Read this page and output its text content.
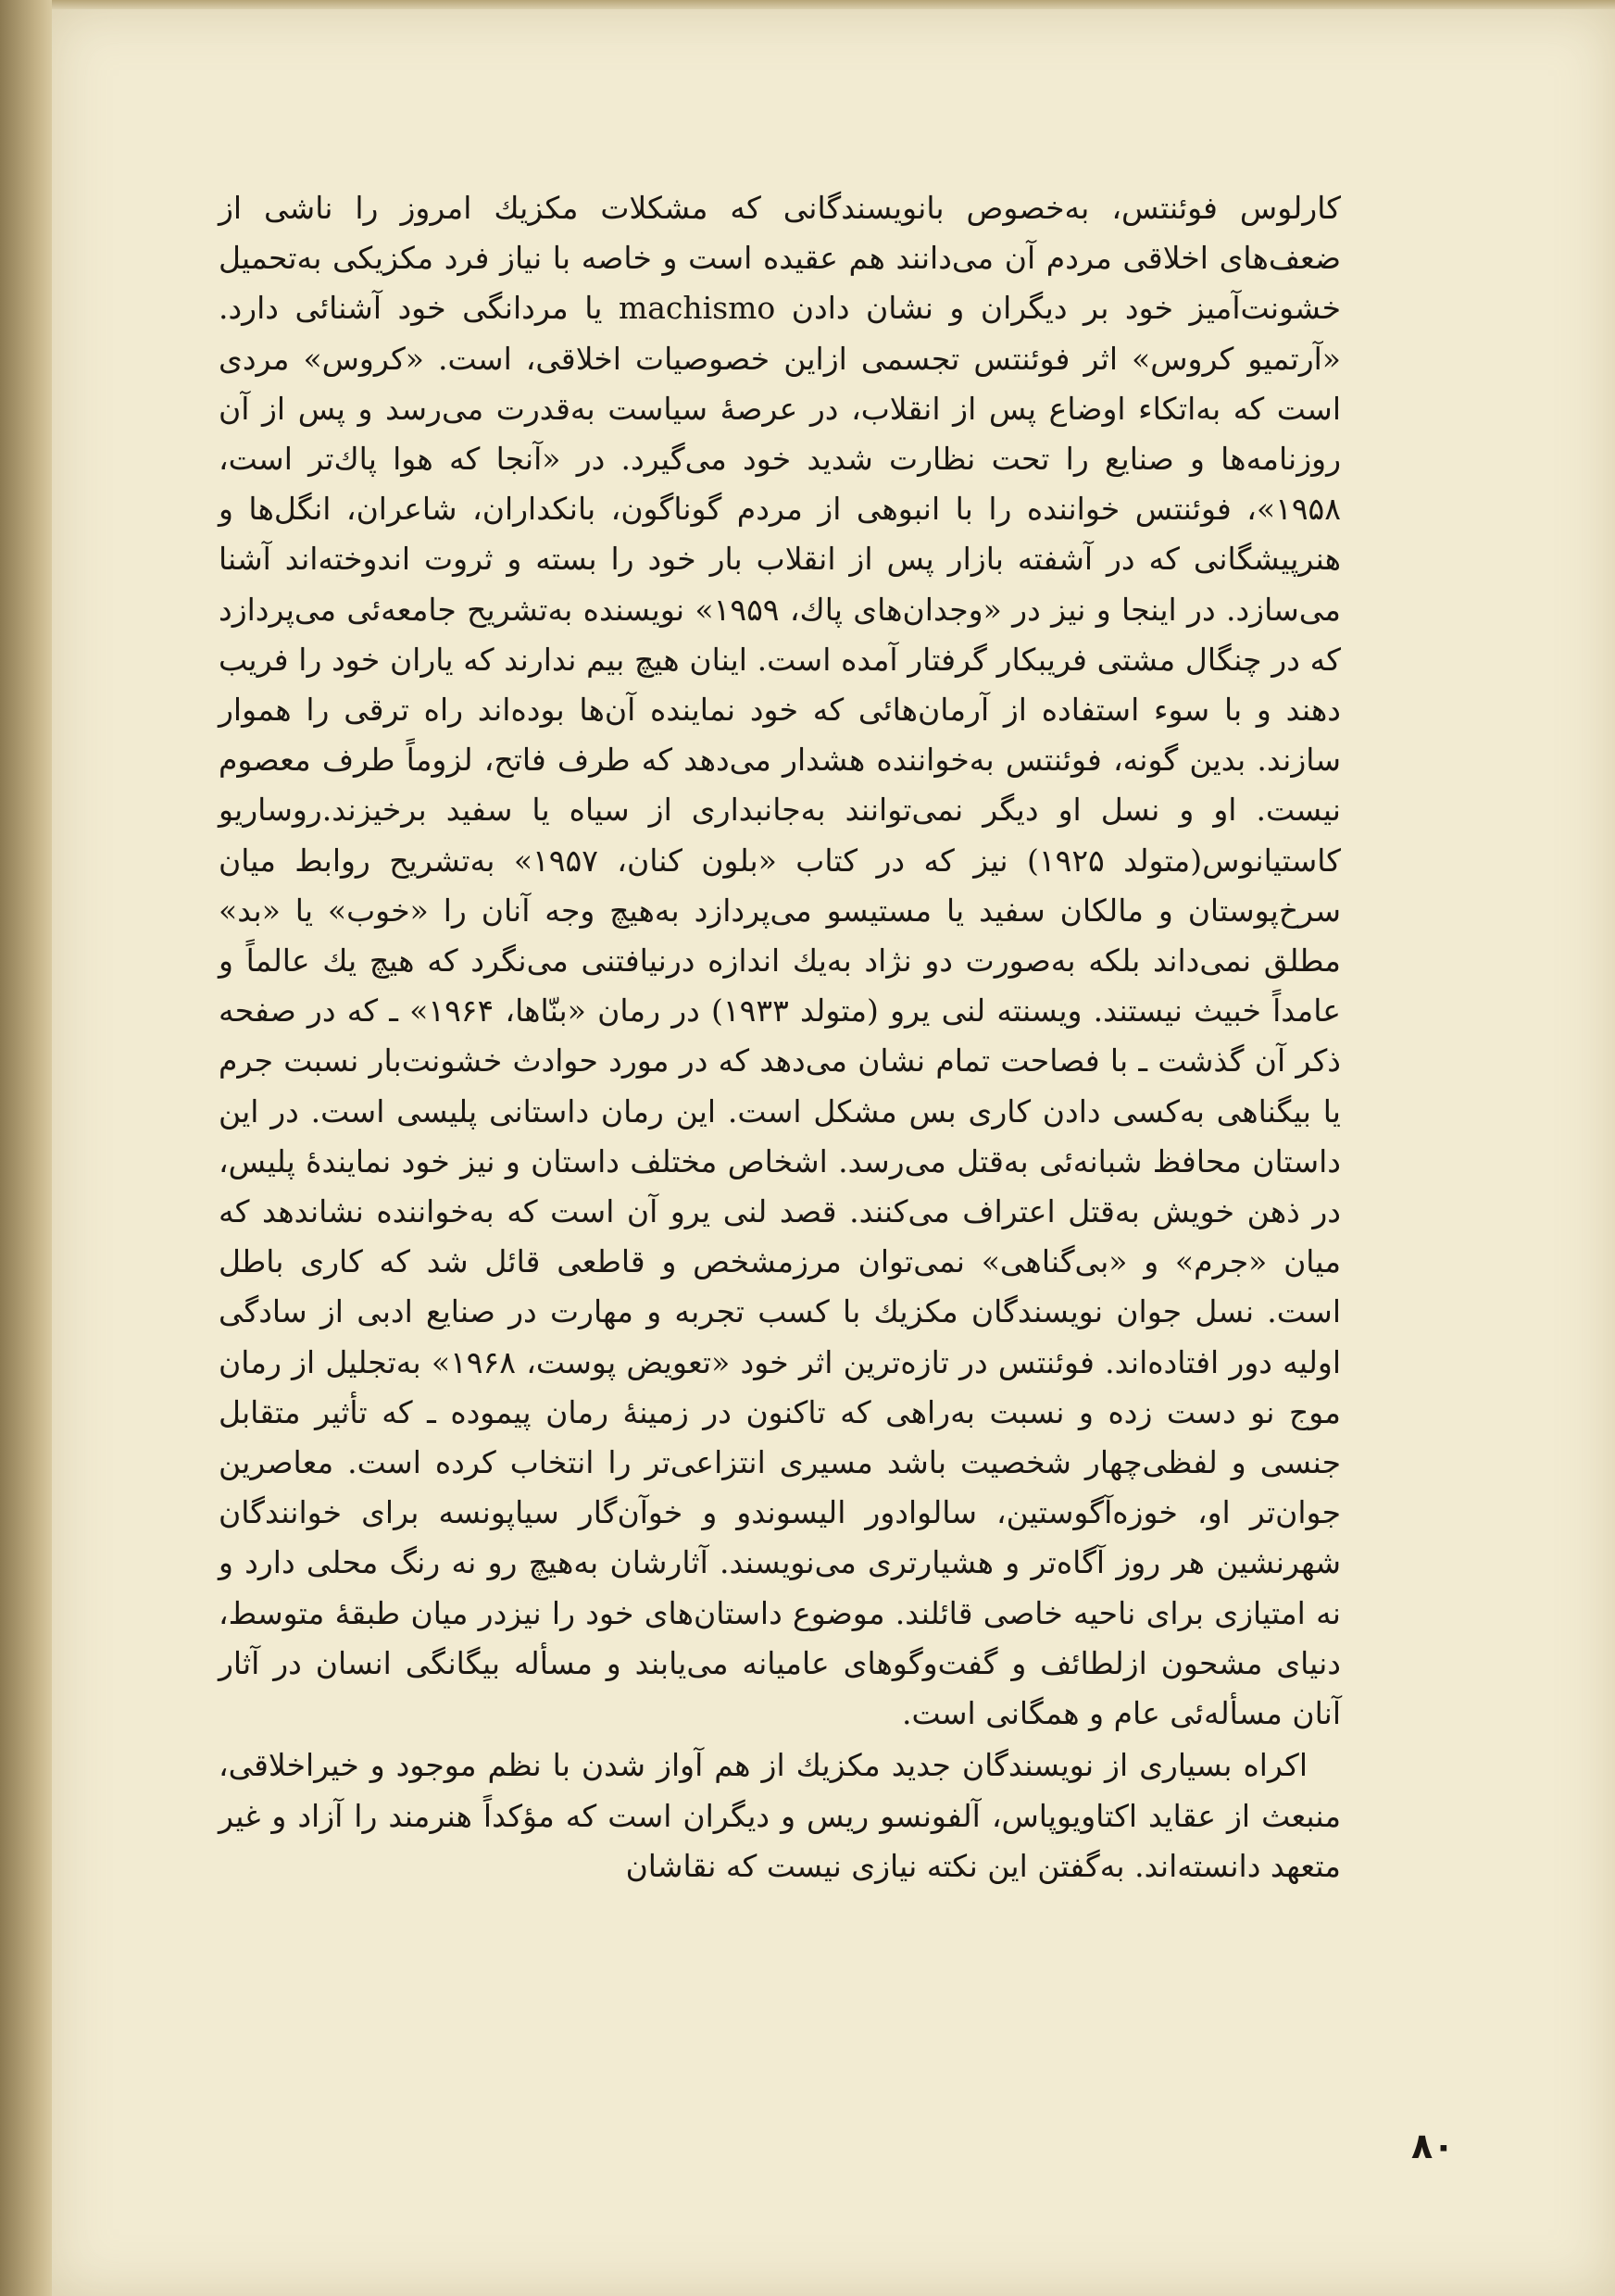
کارلوس فوئنتس، به‌خصوص بانویسندگانی که مشکلات مکزیك امروز را ناشی از ضعف‌های اخلاقی مردم آن می‌دانند هم عقیده است و خاصه با نیاز فرد مکزیکی به‌تحمیل خشونت‌آمیز خود بر دیگران و نشان دادن machismo یا مردانگی خود آشنائی دارد. «آرتمیو کروس» اثر فوئنتس تجسمی ازاین خصوصیات اخلاقی، است. «کروس» مردی است که به‌اتکاء اوضاع پس از انقلاب، در عرصهٔ سیاست به‌قدرت می‌رسد و پس از آن روزنامه‌ها و صنایع را تحت نظارت شدید خود می‌گیرد. در «آنجا که هوا پاك‌تر است، ۱۹۵۸»، فوئنتس خواننده را با انبوهی از مردم گوناگون، بانکداران، شاعران، انگل‌ها و هنرپیشگانی که در آشفته بازار پس از انقلاب بار خود را بسته و ثروت اندوخته‌اند آشنا می‌سازد. در اینجا و نیز در «وجدان‌های پاك، ۱۹۵۹» نویسنده به‌تشریح جامعه‌ئی می‌پردازد که در چنگال مشتی فریبکار گرفتار آمده است. اینان هیچ بیم ندارند که یاران خود را فریب دهند و با سوء استفاده از آرمان‌هائی که خود نماینده آن‌ها بوده‌اند راه ترقی را هموار سازند. بدین گونه، فوئنتس به‌خواننده هشدار می‌دهد که طرف فاتح، لزوماً طرف معصوم نیست. او و نسل او دیگر نمی‌توانند به‌جانبداری از سیاه یا سفید برخیزند.روساریو کاستیانوس(متولد ۱۹۲۵) نیز که در کتاب «بلون کنان، ۱۹۵۷» به‌تشریح روابط میان سرخ‌پوستان و مالکان سفید یا مستیسو می‌پردازد به‌هیچ وجه آنان را «خوب» یا «بد» مطلق نمی‌داند بلکه به‌صورت دو نژاد به‌یك اندازه درنیافتنی می‌نگرد که هیچ یك عالماً و عامداً خبیث نیستند. ویسنته لنی یرو (متولد ۱۹۳۳) در رمان «بنّاها، ۱۹۶۴» ـ که در صفحه ذکر آن گذشت ـ با فصاحت تمام نشان می‌دهد که در مورد حوادث خشونت‌بار نسبت جرم یا بیگناهی به‌کسی دادن کاری بس مشکل است. این رمان داستانی پلیسی است. در این داستان محافظ شبانه‌ئی به‌قتل می‌رسد. اشخاص مختلف داستان و نیز خود نمایندهٔ پلیس، در ذهن خویش به‌قتل اعتراف می‌کنند. قصد لنی یرو آن است که به‌خواننده نشاندهد که میان «جرم» و «بی‌گناهی» نمی‌توان مرزمشخص و قاطعی قائل شد که کاری باطل است. نسل جوان نویسندگان مکزیك با کسب تجربه و مهارت در صنایع ادبی از سادگی اولیه دور افتاده‌اند. فوئنتس در تازه‌ترین اثر خود «تعویض پوست، ۱۹۶۸» به‌تجلیل از رمان موج نو دست زده و نسبت به‌راهی که تاکنون در زمینهٔ رمان پیموده ـ که تأثیر متقابل جنسی و لفظی‌چهار شخصیت باشد مسیری انتزاعی‌تر را انتخاب کرده است. معاصرین جوان‌تر او، خوزه‌آگوستین، سالوادور الیسوندو و خوآن‌گار سیاپونسه برای خوانندگان شهرنشین هر روز آگاه‌تر و هشیارتری می‌نویسند. آثارشان به‌هیچ رو نه رنگ محلی دارد و نه امتیازی برای ناحیه خاصی قائلند. موضوع داستان‌های خود را نیزدر میان طبقهٔ متوسط، دنیای مشحون ازلطائف و گفت‌وگوهای عامیانه می‌یابند و مسأله بیگانگی انسان در آثار آنان مسأله‌ئی عام و همگانی است.

اکراه بسیاری از نویسندگان جدید مکزیك از هم آواز شدن با نظم موجود و خیراخلاقی، منبعث از عقاید اکتاویوپاس، آلفونسو ریس و دیگران است که مؤکداً هنرمند را آزاد و غیر متعهد دانسته‌اند. به‌گفتن این نکته نیازی نیست که نقاشان

۸۰
